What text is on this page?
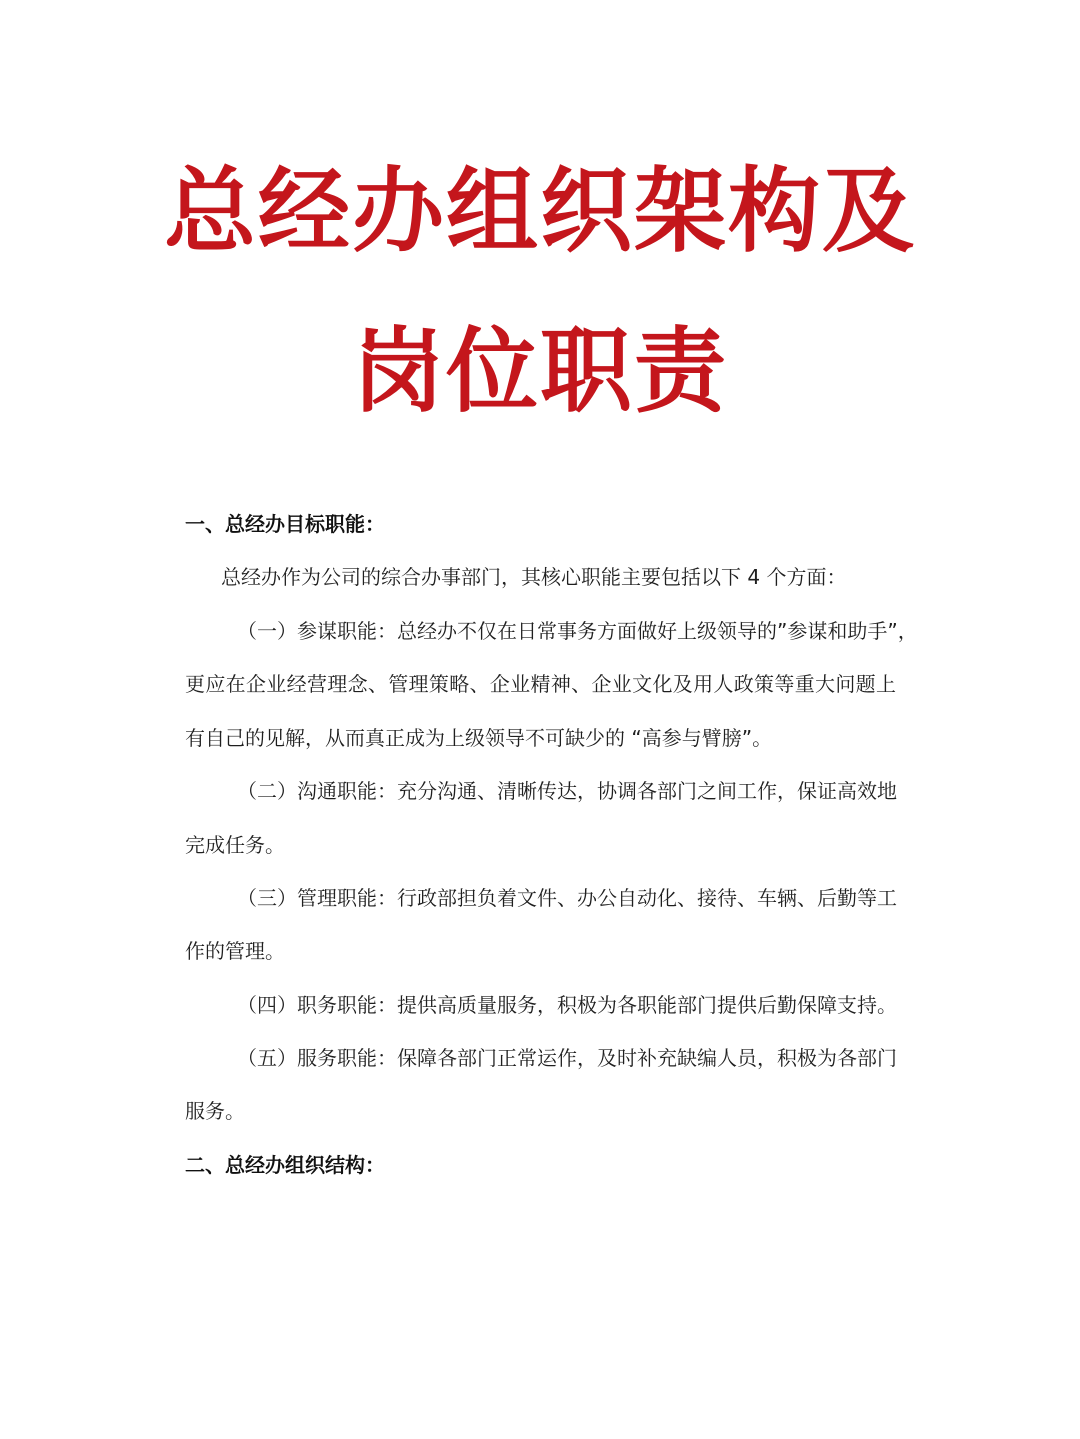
总经办组织架构及
岗位职责
一、总经办目标职能：
总经办作为公司的综合办事部门，其核心职能主要包括以下 4 个方面：
（一）参谋职能：总经办不仅在日常事务方面做好上级领导的”参谋和助手”，
更应在企业经营理念、管理策略、企业精神、企业文化及用人政策等重大问题上
有自己的见解，从而真正成为上级领导不可缺少的 “高参与臂膀”。
（二）沟通职能：充分沟通、清晰传达，协调各部门之间工作，保证高效地
完成任务。
（三）管理职能：行政部担负着文件、办公自动化、接待、车辆、后勤等工
作的管理。
（四）职务职能：提供高质量服务，积极为各职能部门提供后勤保障支持。
（五）服务职能：保障各部门正常运作，及时补充缺编人员，积极为各部门
服务。
二、总经办组织结构：
